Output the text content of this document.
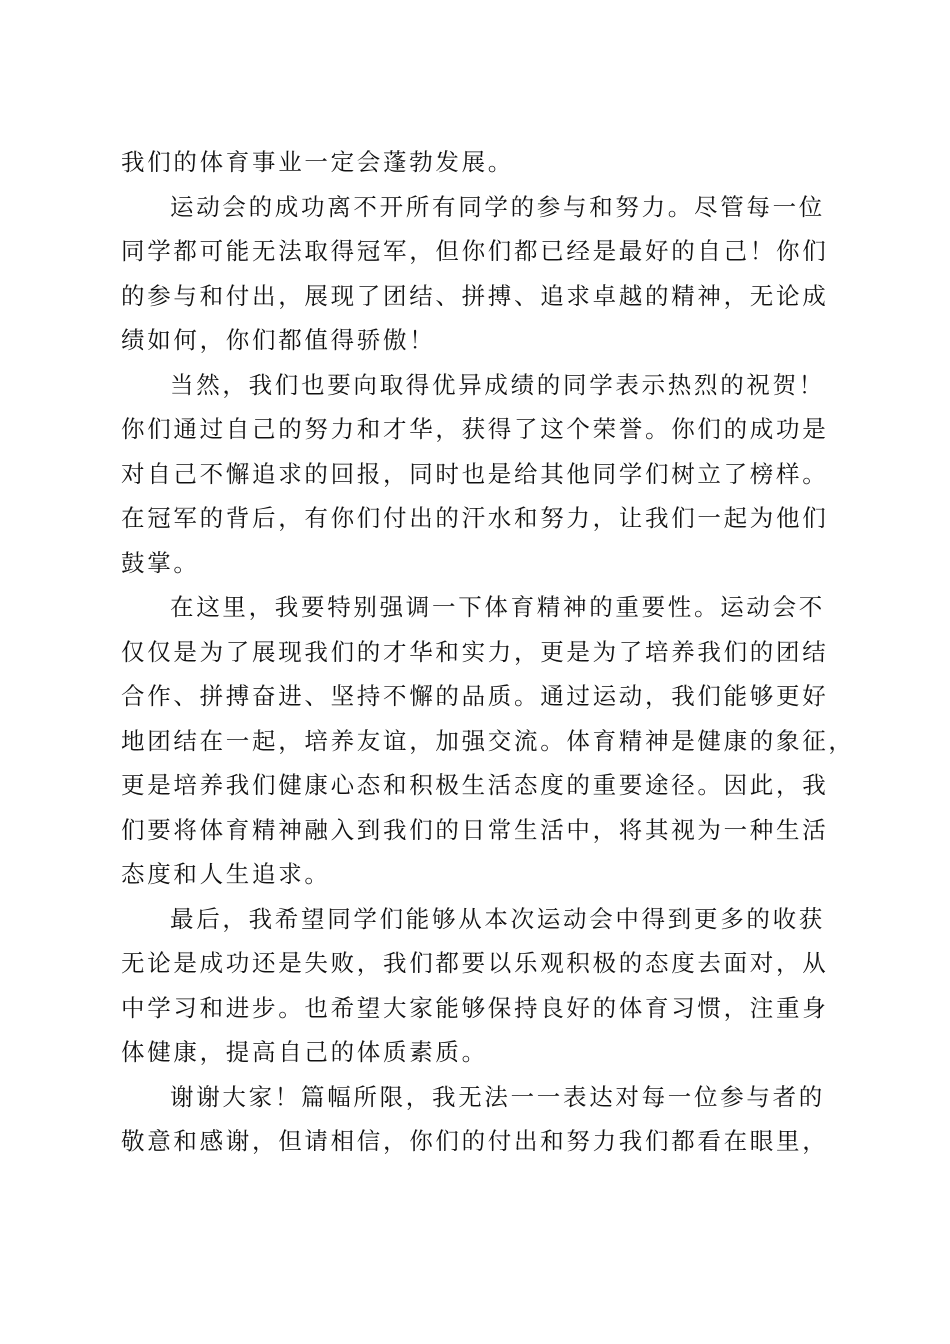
我们的体育事业一定会蓬勃发展。
运动会的成功离不开所有同学的参与和努力。尽管每一位
同学都可能无法取得冠军，但你们都已经是最好的自己！你们
的参与和付出，展现了团结、拼搏、追求卓越的精神，无论成
绩如何，你们都值得骄傲！
当然，我们也要向取得优异成绩的同学表示热烈的祝贺！
你们通过自己的努力和才华，获得了这个荣誉。你们的成功是
对自己不懈追求的回报，同时也是给其他同学们树立了榜样。
在冠军的背后，有你们付出的汗水和努力，让我们一起为他们
鼓掌。
在这里，我要特别强调一下体育精神的重要性。运动会不
仅仅是为了展现我们的才华和实力，更是为了培养我们的团结
合作、拼搏奋进、坚持不懈的品质。通过运动，我们能够更好
地团结在一起，培养友谊，加强交流。体育精神是健康的象征，
更是培养我们健康心态和积极生活态度的重要途径。因此，我
们要将体育精神融入到我们的日常生活中，将其视为一种生活
态度和人生追求。
最后，我希望同学们能够从本次运动会中得到更多的收获
无论是成功还是失败，我们都要以乐观积极的态度去面对，从
中学习和进步。也希望大家能够保持良好的体育习惯，注重身
体健康，提高自己的体质素质。
谢谢大家！篇幅所限，我无法一一表达对每一位参与者的
敬意和感谢，但请相信，你们的付出和努力我们都看在眼里，
